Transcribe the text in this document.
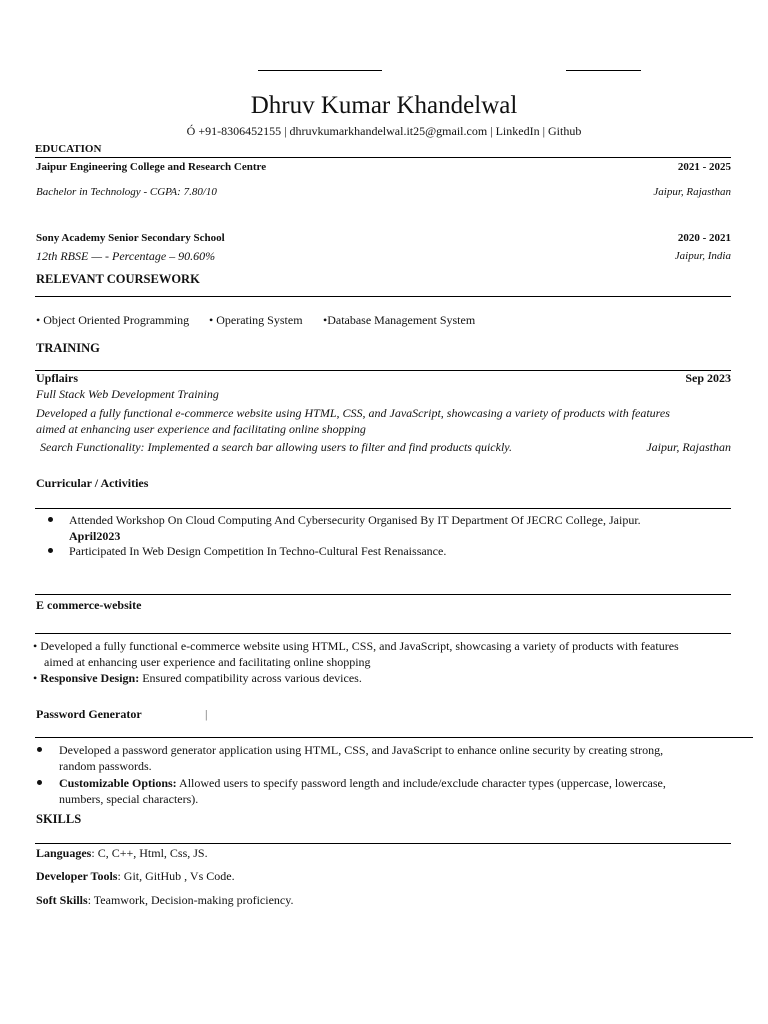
Dhruv Kumar Khandelwal
Ó +91-8306452155 | dhruvkumarkhandelwal.it25@gmail.com | LinkedIn | Github
EDUCATION
Jaipur Engineering College and Research Centre	2021 - 2025
Bachelor in Technology - CGPA: 7.80/10	Jaipur, Rajasthan
Sony Academy Senior Secondary School	2020 - 2021
12th RBSE — - Percentage – 90.60%	Jaipur, India
RELEVANT COURSEWORK
• Object Oriented Programming • Operating System •Database Management System
TRAINING
Upflairs	Sep 2023
Full Stack Web Development Training
Developed a fully functional e-commerce website using HTML, CSS, and JavaScript, showcasing a variety of products with features
aimed at enhancing user experience and facilitating online shopping
Search Functionality: Implemented a search bar allowing users to filter and find products quickly.	Jaipur, Rajasthan
Curricular / Activities
Attended Workshop On Cloud Computing And Cybersecurity Organised By IT Department Of JECRC College, Jaipur.
April2023
Participated In Web Design Competition In Techno-Cultural Fest Renaissance.
E commerce-website
• Developed a fully functional e-commerce website using HTML, CSS, and JavaScript, showcasing a variety of products with features
aimed at enhancing user experience and facilitating online shopping
• Responsive Design: Ensured compatibility across various devices.
Password Generator	|
Developed a password generator application using HTML, CSS, and JavaScript to enhance online security by creating strong,
random passwords.
Customizable Options: Allowed users to specify password length and include/exclude character types (uppercase, lowercase,
numbers, special characters).
SKILLS
Languages: C, C++, Html, Css, JS.
Developer Tools: Git, GitHub , Vs Code.
Soft Skills: Teamwork, Decision-making proficiency.
